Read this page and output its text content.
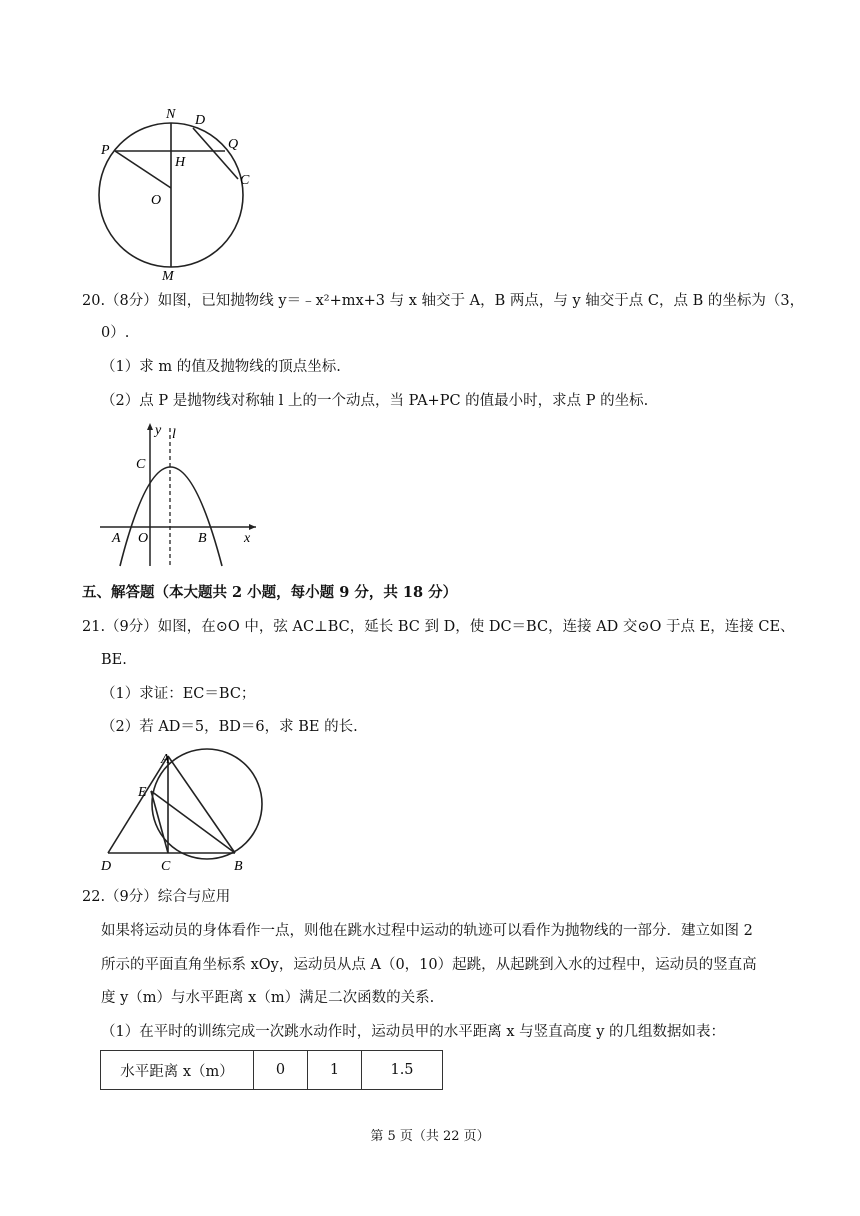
N D
Q
P
H
O
C
M
20.（8分）如图，已知抛物线 y＝﹣x²+mx+3 与 x 轴交于 A，B 两点，与 y 轴交于点 C，点 B 的坐标为（3，
0）.
（1）求 m 的值及抛物线的顶点坐标.
（2）点 P 是抛物线对称轴 l 上的一个动点，当 PA+PC 的值最小时，求点 P 的坐标.
y l
C
A O	B	x
五、解答题（本大题共 2 小题，每小题 9 分，共 18 分）
21.（9分）如图，在⊙O 中，弦 AC⊥BC，延长 BC 到 D，使 DC＝BC，连接 AD 交⊙O 于点 E，连接 CE、
BE.
（1）求证：EC＝BC；
（2）若 AD＝5，BD＝6，求 BE 的长.
A
E
D	C	B
22.（9分）综合与应用
如果将运动员的身体看作一点，则他在跳水过程中运动的轨迹可以看作为抛物线的一部分．建立如图 2
所示的平面直角坐标系 xOy，运动员从点 A（0，10）起跳，从起跳到入水的过程中，运动员的竖直高
度 y（m）与水平距离 x（m）满足二次函数的关系.
（1）在平时的训练完成一次跳水动作时，运动员甲的水平距离 x 与竖直高度 y 的几组数据如表：
水平距离 x（m）	0	1	1.5
第 5 页（共 22 页）
